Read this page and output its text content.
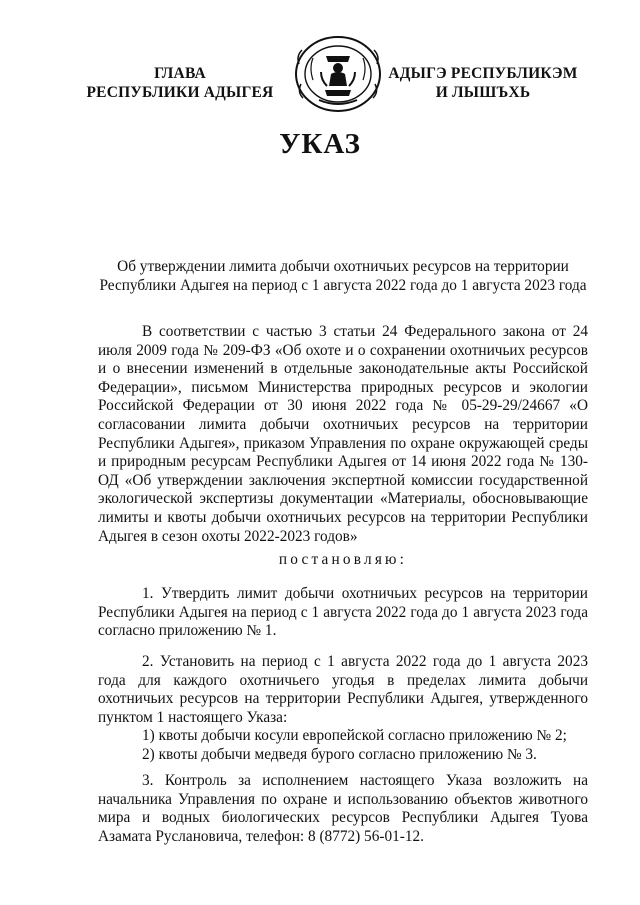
ГЛАВА
РЕСПУБЛИКИ АДЫГЕЯ
АДЫГЭ РЕСПУБЛИКЭМ
И ЛЫШЪХЬ
УКАЗ
Об утверждении лимита добычи охотничьих ресурсов на территории Республики Адыгея на период с 1 августа 2022 года до 1 августа 2023 года
В соответствии с частью 3 статьи 24 Федерального закона от 24 июля 2009 года № 209-ФЗ «Об охоте и о сохранении охотничьих ресурсов и о внесении изменений в отдельные законодательные акты Российской Федерации», письмом Министерства природных ресурсов и экологии Российской Федерации от 30 июня 2022 года № 05-29-29/24667 «О согласовании лимита добычи охотничьих ресурсов на территории Республики Адыгея», приказом Управления по охране окружающей среды и природным ресурсам Республики Адыгея от 14 июня 2022 года № 130-ОД «Об утверждении заключения экспертной комиссии государственной экологической экспертизы документации «Материалы, обосновывающие лимиты и квоты добычи охотничьих ресурсов на территории Республики Адыгея в сезон охоты 2022-2023 годов»
постановляю:
1. Утвердить лимит добычи охотничьих ресурсов на территории Республики Адыгея на период с 1 августа 2022 года до 1 августа 2023 года согласно приложению № 1.
2. Установить на период с 1 августа 2022 года до 1 августа 2023 года для каждого охотничьего угодья в пределах лимита добычи охотничьих ресурсов на территории Республики Адыгея, утвержденного пунктом 1 настоящего Указа:
1) квоты добычи косули европейской согласно приложению № 2;
2) квоты добычи медведя бурого согласно приложению № 3.
3. Контроль за исполнением настоящего Указа возложить на начальника Управления по охране и использованию объектов животного мира и водных биологических ресурсов Республики Адыгея Туова Азамата Руслановича, телефон: 8 (8772) 56-01-12.
